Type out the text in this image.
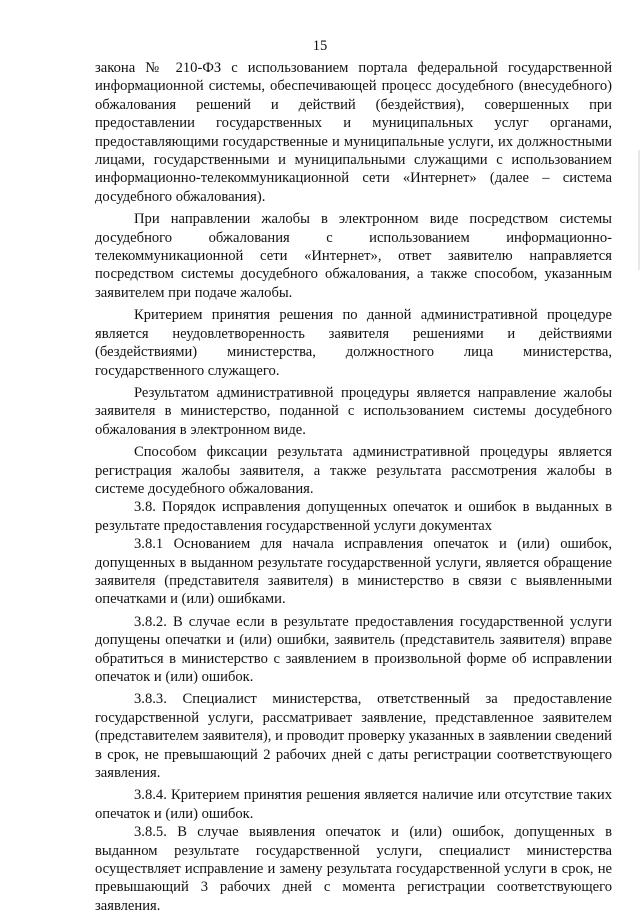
15

закона № 210-ФЗ с использованием портала федеральной государственной информационной системы, обеспечивающей процесс досудебного (внесудебного) обжалования решений и действий (бездействия), совершенных при предоставлении государственных и муниципальных услуг органами, предоставляющими государственные и муниципальные услуги, их должностными лицами, государственными и муниципальными служащими с использованием информационно-телекоммуникационной сети «Интернет» (далее – система досудебного обжалования).

При направлении жалобы в электронном виде посредством системы досудебного обжалования с использованием информационно-телекоммуникационной сети «Интернет», ответ заявителю направляется посредством системы досудебного обжалования, а также способом, указанным заявителем при подаче жалобы.

Критерием принятия решения по данной административной процедуре является неудовлетворенность заявителя решениями и действиями (бездействиями) министерства, должностного лица министерства, государственного служащего.

Результатом административной процедуры является направление жалобы заявителя в министерство, поданной с использованием системы досудебного обжалования в электронном виде.

Способом фиксации результата административной процедуры является регистрация жалобы заявителя, а также результата рассмотрения жалобы в системе досудебного обжалования.

3.8. Порядок исправления допущенных опечаток и ошибок в выданных в результате предоставления государственной услуги документах

3.8.1 Основанием для начала исправления опечаток и (или) ошибок, допущенных в выданном результате государственной услуги, является обращение заявителя (представителя заявителя) в министерство в связи с выявленными опечатками и (или) ошибками.

3.8.2. В случае если в результате предоставления государственной услуги допущены опечатки и (или) ошибки, заявитель (представитель заявителя) вправе обратиться в министерство с заявлением в произвольной форме об исправлении опечаток и (или) ошибок.

3.8.3. Специалист министерства, ответственный за предоставление государственной услуги, рассматривает заявление, представленное заявителем (представителем заявителя), и проводит проверку указанных в заявлении сведений в срок, не превышающий 2 рабочих дней с даты регистрации соответствующего заявления.

3.8.4. Критерием принятия решения является наличие или отсутствие таких опечаток и (или) ошибок.

3.8.5. В случае выявления опечаток и (или) ошибок, допущенных в выданном результате государственной услуги, специалист министерства осуществляет исправление и замену результата государственной услуги в срок, не превышающий 3 рабочих дней с момента регистрации соответствующего заявления.
